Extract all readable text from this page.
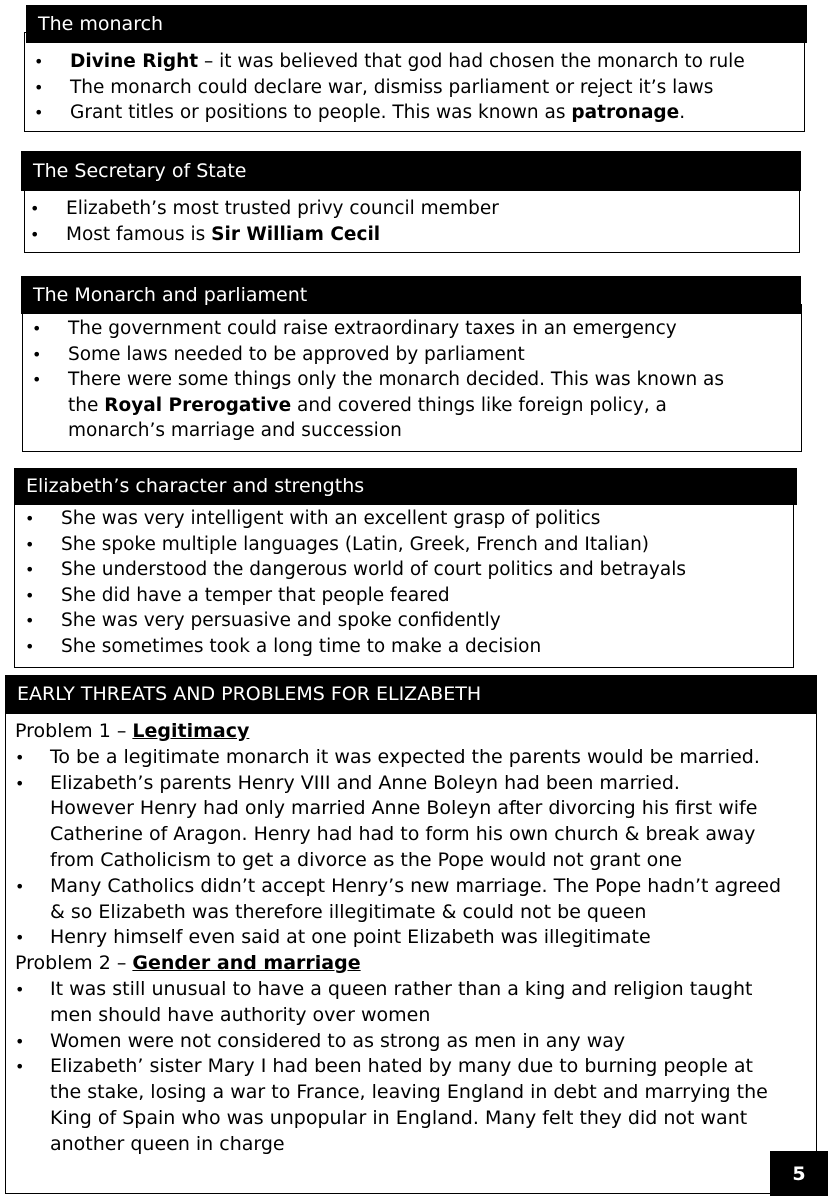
The monarch
• Divine Right – it was believed that god had chosen the monarch to rule
• The monarch could declare war, dismiss parliament or reject it’s laws
• Grant titles or positions to people. This was known as patronage.
The Secretary of State
• Elizabeth’s most trusted privy council member
• Most famous is Sir William Cecil
The Monarch and parliament
• The government could raise extraordinary taxes in an emergency
• Some laws needed to be approved by parliament
• There were some things only the monarch decided. This was known as
the Royal Prerogative and covered things like foreign policy, a
monarch’s marriage and succession
Elizabeth’s character and strengths
• She was very intelligent with an excellent grasp of politics
• She spoke multiple languages (Latin, Greek, French and Italian)
• She understood the dangerous world of court politics and betrayals
• She did have a temper that people feared
• She was very persuasive and spoke confidently
• She sometimes took a long time to make a decision
EARLY THREATS AND PROBLEMS FOR ELIZABETH
Problem 1 – Legitimacy
• To be a legitimate monarch it was expected the parents would be married.
• Elizabeth’s parents Henry VIII and Anne Boleyn had been married.
However Henry had only married Anne Boleyn after divorcing his first wife
Catherine of Aragon. Henry had had to form his own church & break away
from Catholicism to get a divorce as the Pope would not grant one
• Many Catholics didn’t accept Henry’s new marriage. The Pope hadn’t agreed
& so Elizabeth was therefore illegitimate & could not be queen
• Henry himself even said at one point Elizabeth was illegitimate
Problem 2 – Gender and marriage
• It was still unusual to have a queen rather than a king and religion taught
men should have authority over women
• Women were not considered to as strong as men in any way
• Elizabeth’ sister Mary I had been hated by many due to burning people at
the stake, losing a war to France, leaving England in debt and marrying the
King of Spain who was unpopular in England. Many felt they did not want
another queen in charge
5
